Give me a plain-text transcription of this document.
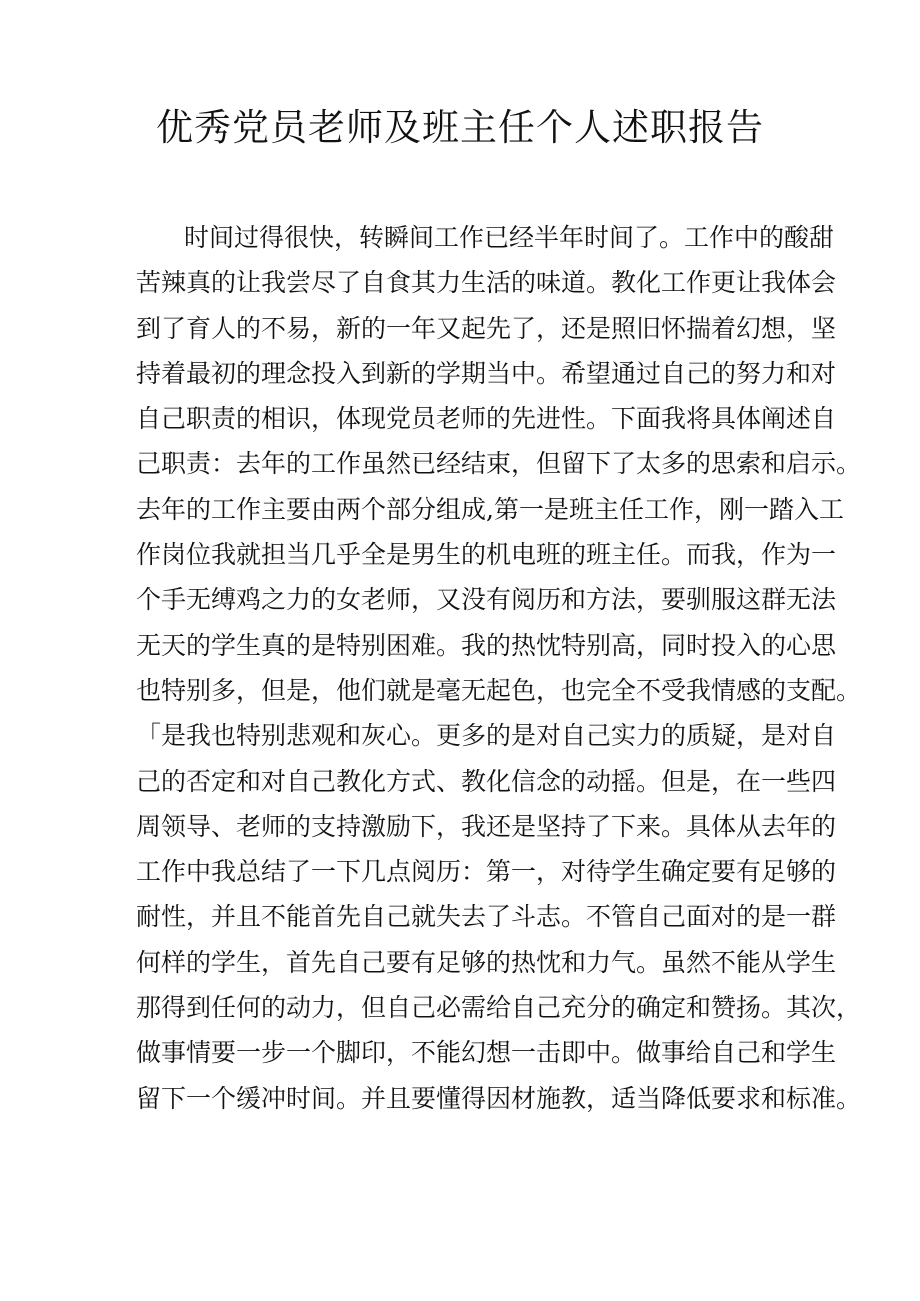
优秀党员老师及班主任个人述职报告
时间过得很快，转瞬间工作已经半年时间了。工作中的酸甜
苦辣真的让我尝尽了自食其力生活的味道。教化工作更让我体会
到了育人的不易，新的一年又起先了，还是照旧怀揣着幻想，坚
持着最初的理念投入到新的学期当中。希望通过自己的努力和对
自己职责的相识，体现党员老师的先进性。下面我将具体阐述自
己职责：去年的工作虽然已经结束，但留下了太多的思索和启示。
去年的工作主要由两个部分组成,第一是班主任工作，刚一踏入工
作岗位我就担当几乎全是男生的机电班的班主任。而我，作为一
个手无缚鸡之力的女老师，又没有阅历和方法，要驯服这群无法
无天的学生真的是特别困难。我的热忱特别高，同时投入的心思
也特别多，但是，他们就是毫无起色，也完全不受我情感的支配。
「是我也特别悲观和灰心。更多的是对自己实力的质疑，是对自
己的否定和对自己教化方式、教化信念的动摇。但是，在一些四
周领导、老师的支持激励下，我还是坚持了下来。具体从去年的
工作中我总结了一下几点阅历：第一，对待学生确定要有足够的
耐性，并且不能首先自己就失去了斗志。不管自己面对的是一群
何样的学生，首先自己要有足够的热忱和力气。虽然不能从学生
那得到任何的动力，但自己必需给自己充分的确定和赞扬。其次，
做事情要一步一个脚印，不能幻想一击即中。做事给自己和学生
留下一个缓冲时间。并且要懂得因材施教，适当降低要求和标准。
